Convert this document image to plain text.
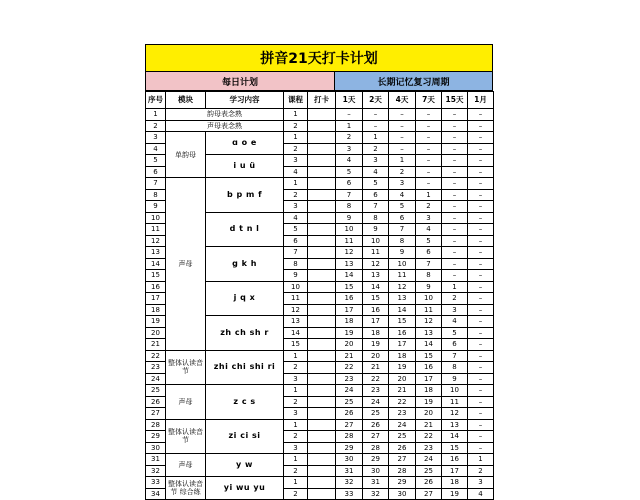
拼音21天打卡计划
每日计划	长期记忆复习周期
序号	模块	学习内容	课程	打卡	1天	2天	4天	7天	15天	1月
1	韵母表念熟		1		–	–	–	–	–	–
2	声母表念熟		2		1	–	–	–	–	–
3	单韵母	ɑ o e	1		2	1	–	–	–	–
4			2		3	2	–	–	–	–
5		i u ü	3		4	3	1	–	–	–
6			4		5	4	2	–	–	–
7	声母	b p m f	1		6	5	3	–	–	–
8			2		7	6	4	1	–	–
9			3		8	7	5	2	–	–
10		d t n l	4		9	8	6	3	–	–
11			5		10	9	7	4	–	–
12			6		11	10	8	5	–	–
13		g k h	7		12	11	9	6	–	–
14			8		13	12	10	7	–	–
15			9		14	13	11	8	–	–
16		j q x	10		15	14	12	9	1	–
17			11		16	15	13	10	2	–
18			12		17	16	14	11	3	–
19		zh ch sh r	13		18	17	15	12	4	–
20			14		19	18	16	13	5	–
21			15		20	19	17	14	6	–
22	整体认读音节	zhi chi shi ri	1		21	20	18	15	7	–
23			2		22	21	19	16	8	–
24			3		23	22	20	17	9	–
25	声母	z c s	1		24	23	21	18	10	–
26			2		25	24	22	19	11	–
27			3		26	25	23	20	12	–
28	整体认读音节	zi ci si	1		27	26	24	21	13	–
29			2		28	27	25	22	14	–
30			3		29	28	26	23	15	–
31	声母	y w	1		30	29	27	24	16	1
32			2		31	30	28	25	17	2
33	整体认读音节 综合练	yi wu yu	1		32	31	29	26	18	3
34			2		33	32	30	27	19	4
